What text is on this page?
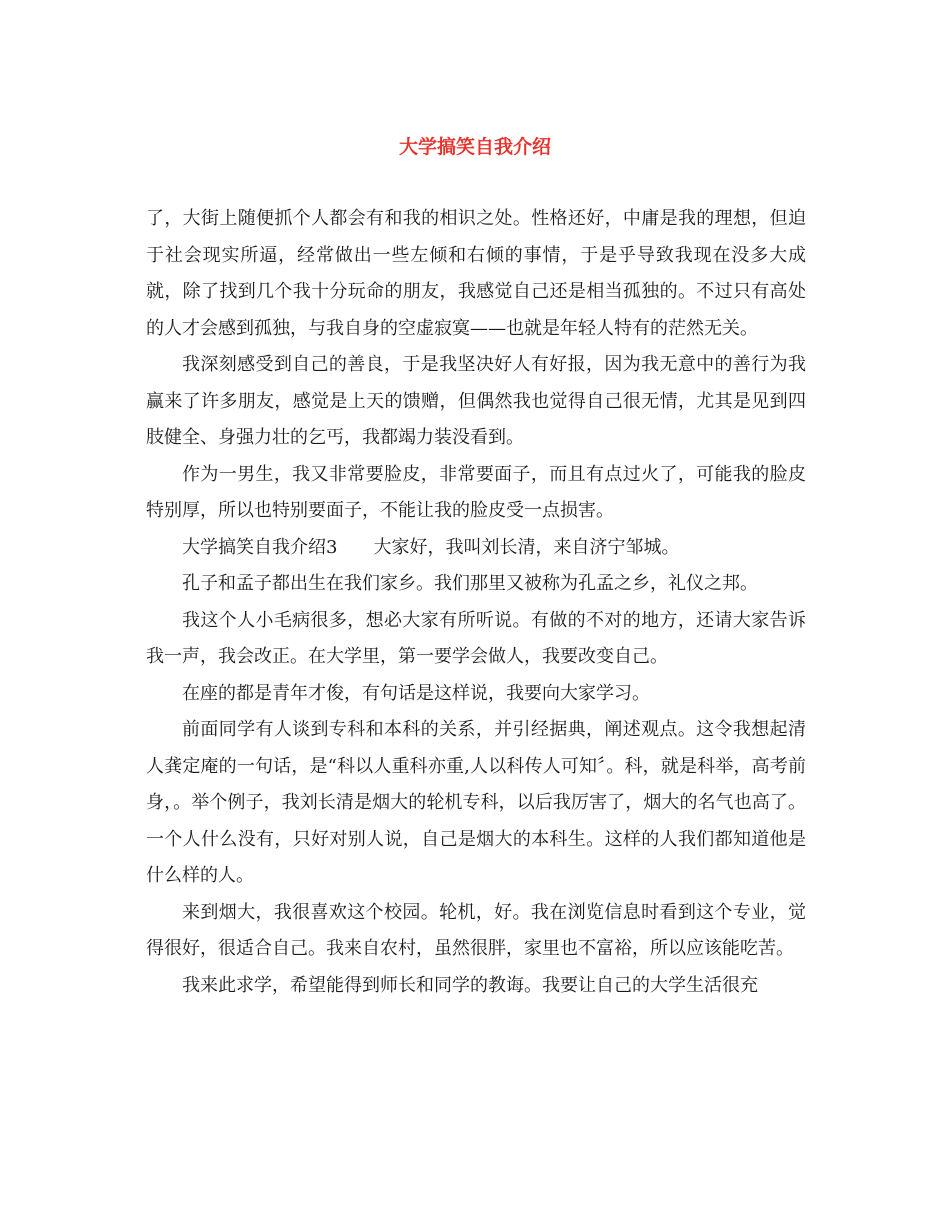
大学搞笑自我介绍

了，大街上随便抓个人都会有和我的相识之处。性格还好，中庸是我的理想，但迫于社会现实所逼，经常做出一些左倾和右倾的事情，于是乎导致我现在没多大成就，除了找到几个我十分玩命的朋友，我感觉自己还是相当孤独的。不过只有高处的人才会感到孤独，与我自身的空虚寂寞——也就是年轻人特有的茫然无关。

我深刻感受到自己的善良，于是我坚决好人有好报，因为我无意中的善行为我赢来了许多朋友，感觉是上天的馈赠，但偶然我也觉得自己很无情，尤其是见到四肢健全、身强力壮的乞丐，我都竭力装没看到。

作为一男生，我又非常要脸皮，非常要面子，而且有点过火了，可能我的脸皮特别厚，所以也特别要面子，不能让我的脸皮受一点损害。

大学搞笑自我介绍3　　大家好，我叫刘长清，来自济宁邹城。

孔子和孟子都出生在我们家乡。我们那里又被称为孔孟之乡，礼仪之邦。

我这个人小毛病很多，想必大家有所听说。有做的不对的地方，还请大家告诉我一声，我会改正。在大学里，第一要学会做人，我要改变自己。

在座的都是青年才俊，有句话是这样说，我要向大家学习。

前面同学有人谈到专科和本科的关系，并引经据典，阐述观点。这令我想起清人龚定庵的一句话，是“科以人重科亦重,人以科传人可知〞。科，就是科举，高考前身，。举个例子，我刘长清是烟大的轮机专科，以后我厉害了，烟大的名气也高了。一个人什么没有，只好对别人说，自己是烟大的本科生。这样的人我们都知道他是什么样的人。

来到烟大，我很喜欢这个校园。轮机，好。我在浏览信息时看到这个专业，觉得很好，很适合自己。我来自农村，虽然很胖，家里也不富裕，所以应该能吃苦。

我来此求学，希望能得到师长和同学的教诲。我要让自己的大学生活很充
